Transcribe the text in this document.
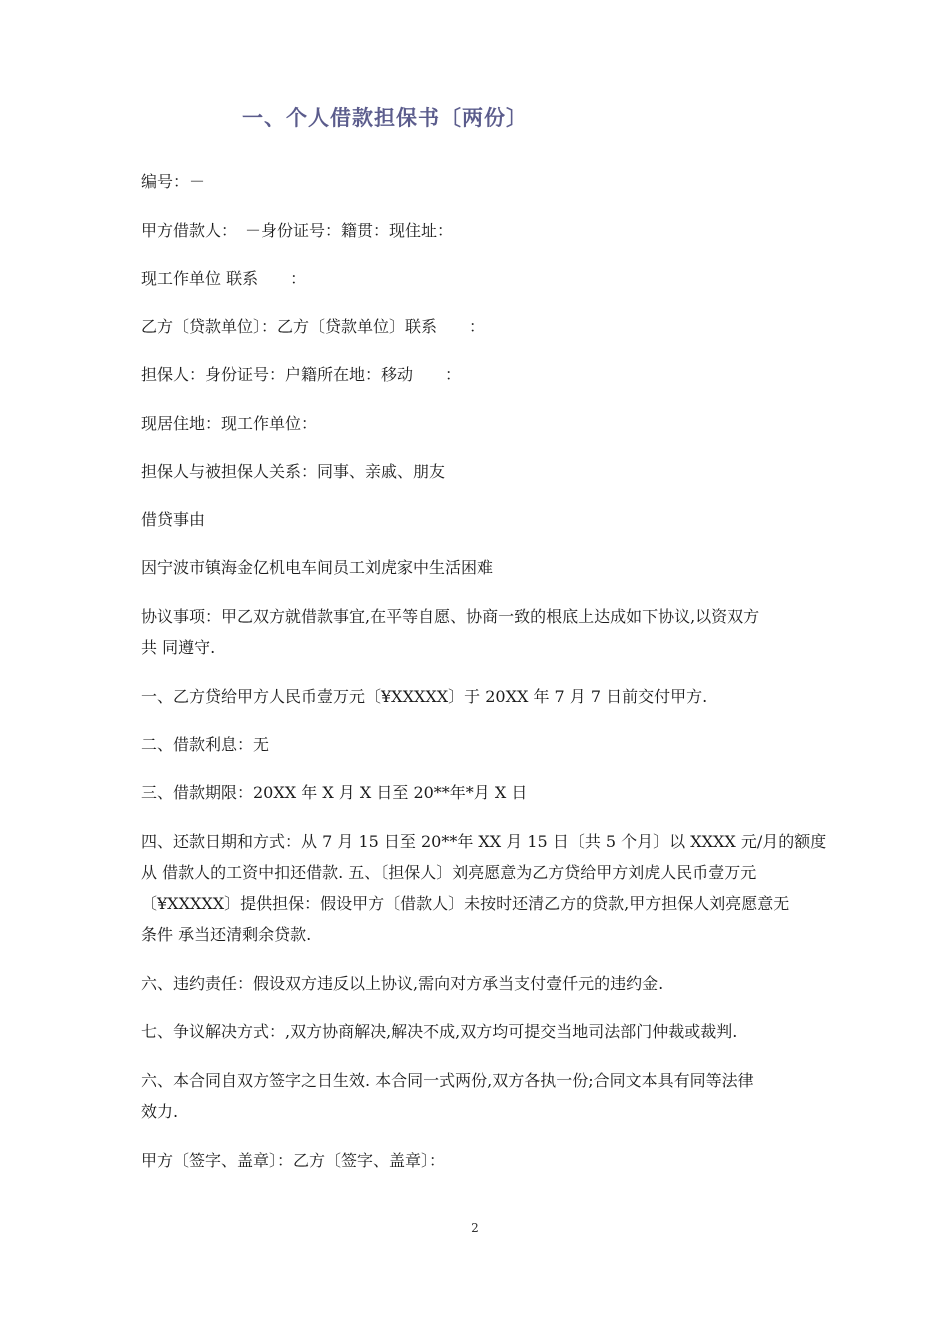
一、个人借款担保书〔两份〕
编号：－
甲方借款人：　－身份证号：籍贯：现住址：
现工作单位 联系　　：
乙方〔贷款单位〕：乙方〔贷款单位〕联系　　：
担保人：身份证号：户籍所在地：移动　　：
现居住地：现工作单位：
担保人与被担保人关系：同事、亲戚、朋友
借贷事由
因宁波市镇海金亿机电车间员工刘虎家中生活困难
协议事项：甲乙双方就借款事宜,在平等自愿、协商一致的根底上达成如下协议,以资双方
共 同遵守.
一、乙方贷给甲方人民币壹万元〔¥XXXXX〕于 20XX 年 7 月 7 日前交付甲方.
二、借款利息：无
三、借款期限：20XX 年 X 月 X 日至 20**年*月 X 日
四、还款日期和方式：从 7 月 15 日至 20**年 XX 月 15 日〔共 5 个月〕以 XXXX 元/月的额度
从 借款人的工资中扣还借款. 五、〔担保人〕刘亮愿意为乙方贷给甲方刘虎人民币壹万元
〔¥XXXXX〕提供担保：假设甲方〔借款人〕未按时还清乙方的贷款,甲方担保人刘亮愿意无
条件 承当还清剩余贷款.
六、违约责任：假设双方违反以上协议,需向对方承当支付壹仟元的违约金.
七、争议解决方式：,双方协商解决,解决不成,双方均可提交当地司法部门仲裁或裁判.
六、本合同自双方签字之日生效. 本合同一式两份,双方各执一份;合同文本具有同等法律
效力.
甲方〔签字、盖章〕：乙方〔签字、盖章〕：
2
